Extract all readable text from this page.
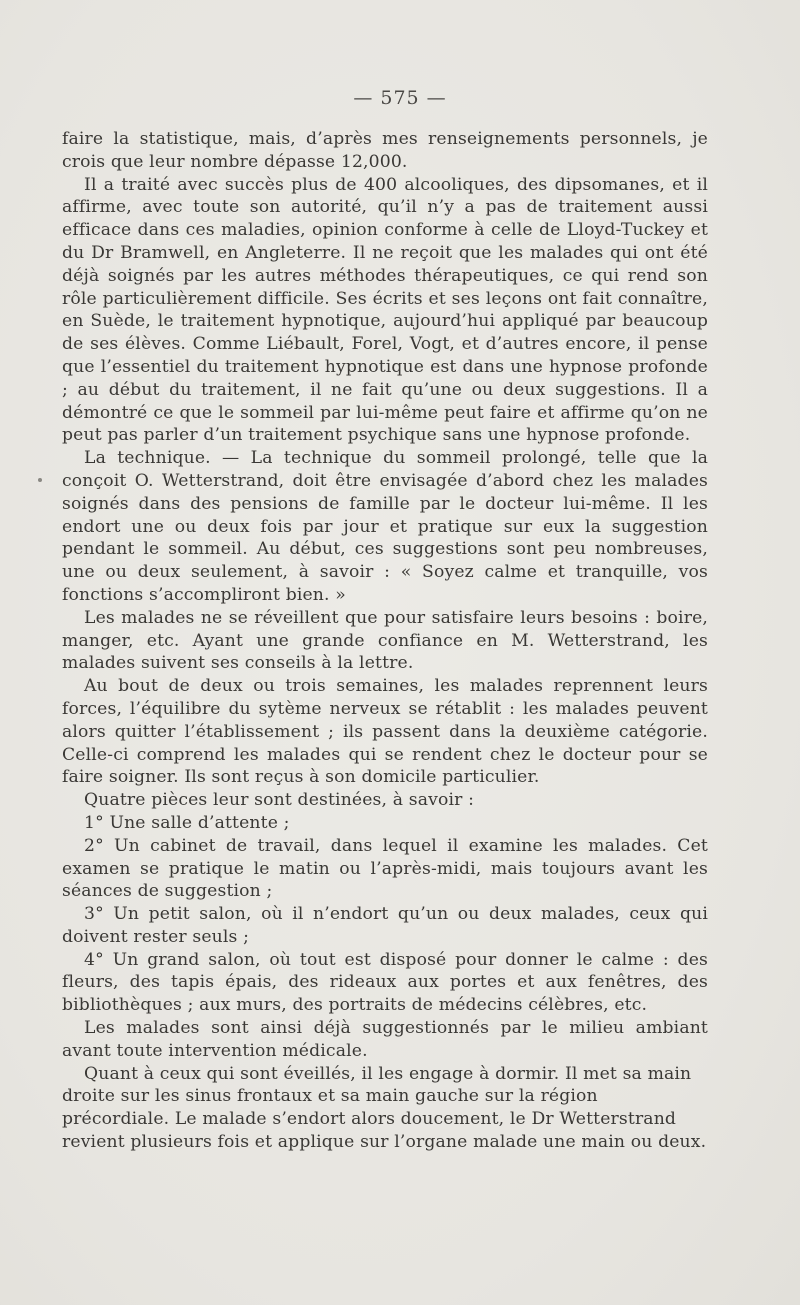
— 575 —

faire la statistique, mais, d’après mes renseignements personnels, je crois que leur nombre dépasse 12,000.

Il a traité avec succès plus de 400 alcooliques, des dipsomanes, et il affirme, avec toute son autorité, qu’il n’y a pas de traitement aussi efficace dans ces maladies, opinion conforme à celle de Lloyd-Tuckey et du Dr Bramwell, en Angleterre. Il ne reçoit que les malades qui ont été déjà soignés par les autres méthodes thérapeutiques, ce qui rend son rôle particulièrement difficile. Ses écrits et ses leçons ont fait connaître, en Suède, le traitement hypnotique, aujourd’hui appliqué par beaucoup de ses élèves. Comme Liébault, Forel, Vogt, et d’autres encore, il pense que l’essentiel du traitement hypnotique est dans une hypnose profonde ; au début du traitement, il ne fait qu’une ou deux suggestions. Il a démontré ce que le sommeil par lui-même peut faire et affirme qu’on ne peut pas parler d’un traitement psychique sans une hypnose profonde.

La technique. — La technique du sommeil prolongé, telle que la conçoit O. Wetterstrand, doit être envisagée d’abord chez les malades soignés dans des pensions de famille par le docteur lui-même. Il les endort une ou deux fois par jour et pratique sur eux la suggestion pendant le sommeil. Au début, ces suggestions sont peu nombreuses, une ou deux seulement, à savoir : « Soyez calme et tranquille, vos fonctions s’accompliront bien. »

Les malades ne se réveillent que pour satisfaire leurs besoins : boire, manger, etc. Ayant une grande confiance en M. Wetterstrand, les malades suivent ses conseils à la lettre.

Au bout de deux ou trois semaines, les malades reprennent leurs forces, l’équilibre du sytème nerveux se rétablit : les malades peuvent alors quitter l’établissement ; ils passent dans la deuxième catégorie. Celle-ci comprend les malades qui se rendent chez le docteur pour se faire soigner. Ils sont reçus à son domicile particulier.

Quatre pièces leur sont destinées, à savoir :

1° Une salle d’attente ;

2° Un cabinet de travail, dans lequel il examine les malades. Cet examen se pratique le matin ou l’après-midi, mais toujours avant les séances de suggestion ;

3° Un petit salon, où il n’endort qu’un ou deux malades, ceux qui doivent rester seuls ;

4° Un grand salon, où tout est disposé pour donner le calme : des fleurs, des tapis épais, des rideaux aux portes et aux fenêtres, des bibliothèques ; aux murs, des portraits de médecins célèbres, etc.

Les malades sont ainsi déjà suggestionnés par le milieu ambiant avant toute intervention médicale.

Quant à ceux qui sont éveillés, il les engage à dormir. Il met sa main droite sur les sinus frontaux et sa main gauche sur la région précordiale. Le malade s’endort alors doucement, le Dr Wetterstrand revient plusieurs fois et applique sur l’organe malade une main ou deux.
